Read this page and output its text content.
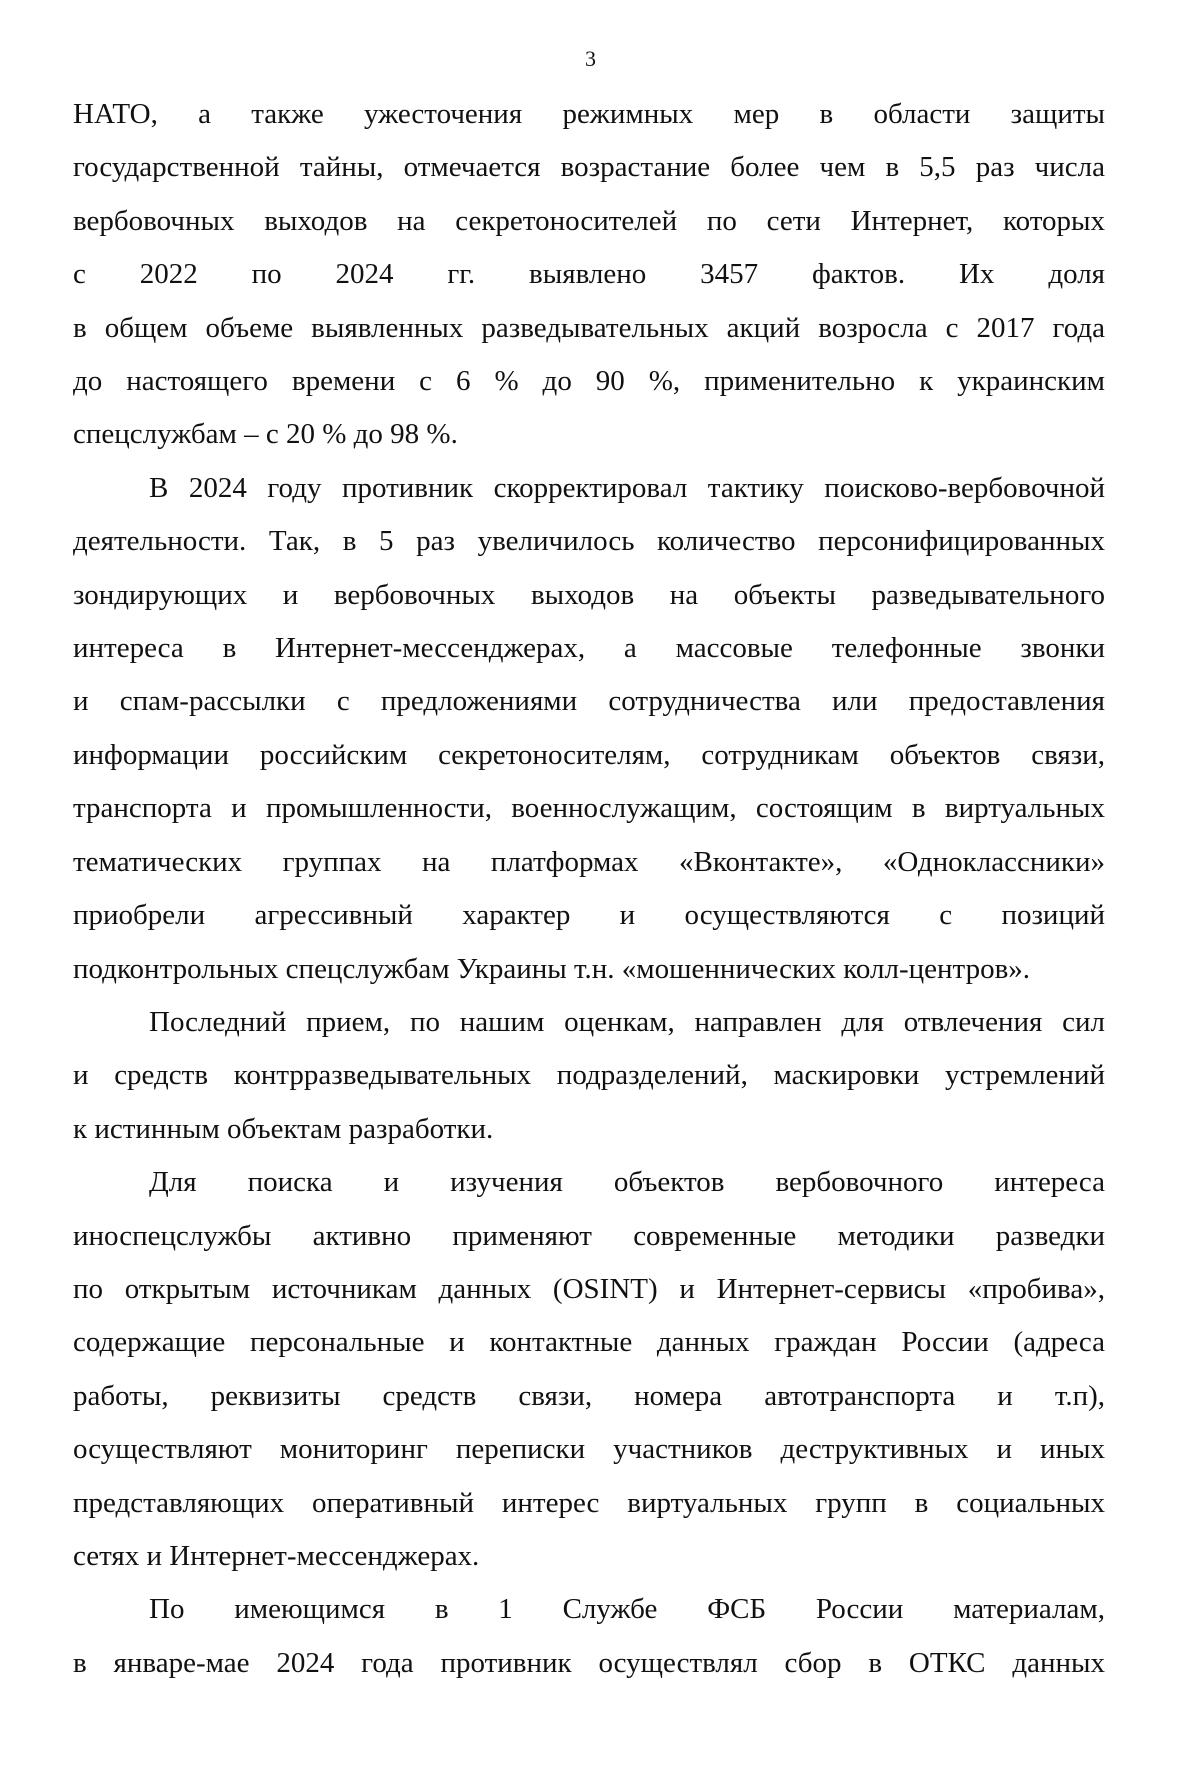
3

НАТО, а также ужесточения режимных мер в области защиты
государственной тайны, отмечается возрастание более чем в 5,5 раз числа
вербовочных выходов на секретоносителей по сети Интернет, которых
с 2022 по 2024 гг. выявлено 3457 фактов. Их доля
в общем объеме выявленных разведывательных акций возросла с 2017 года
до настоящего времени с 6 % до 90 %, применительно к украинским
спецслужбам – с 20 % до 98 %.

В 2024 году противник скорректировал тактику поисково-вербовочной
деятельности. Так, в 5 раз увеличилось количество персонифицированных
зондирующих и вербовочных выходов на объекты разведывательного
интереса в Интернет-мессенджерах, а массовые телефонные звонки
и спам-рассылки с предложениями сотрудничества или предоставления
информации российским секретоносителям, сотрудникам объектов связи,
транспорта и промышленности, военнослужащим, состоящим в виртуальных
тематических группах на платформах «Вконтакте», «Одноклассники»
приобрели агрессивный характер и осуществляются с позиций
подконтрольных спецслужбам Украины т.н. «мошеннических колл-центров».

Последний прием, по нашим оценкам, направлен для отвлечения сил
и средств контрразведывательных подразделений, маскировки устремлений
к истинным объектам разработки.

Для поиска и изучения объектов вербовочного интереса
иноспецслужбы активно применяют современные методики разведки
по открытым источникам данных (OSINT) и Интернет-сервисы «пробива»,
содержащие персональные и контактные данных граждан России (адреса
работы, реквизиты средств связи, номера автотранспорта и т.п),
осуществляют мониторинг переписки участников деструктивных и иных
представляющих оперативный интерес виртуальных групп в социальных
сетях и Интернет-мессенджерах.

По имеющимся в 1 Службе ФСБ России материалам,
в январе-мае 2024 года противник осуществлял сбор в ОТКС данных
